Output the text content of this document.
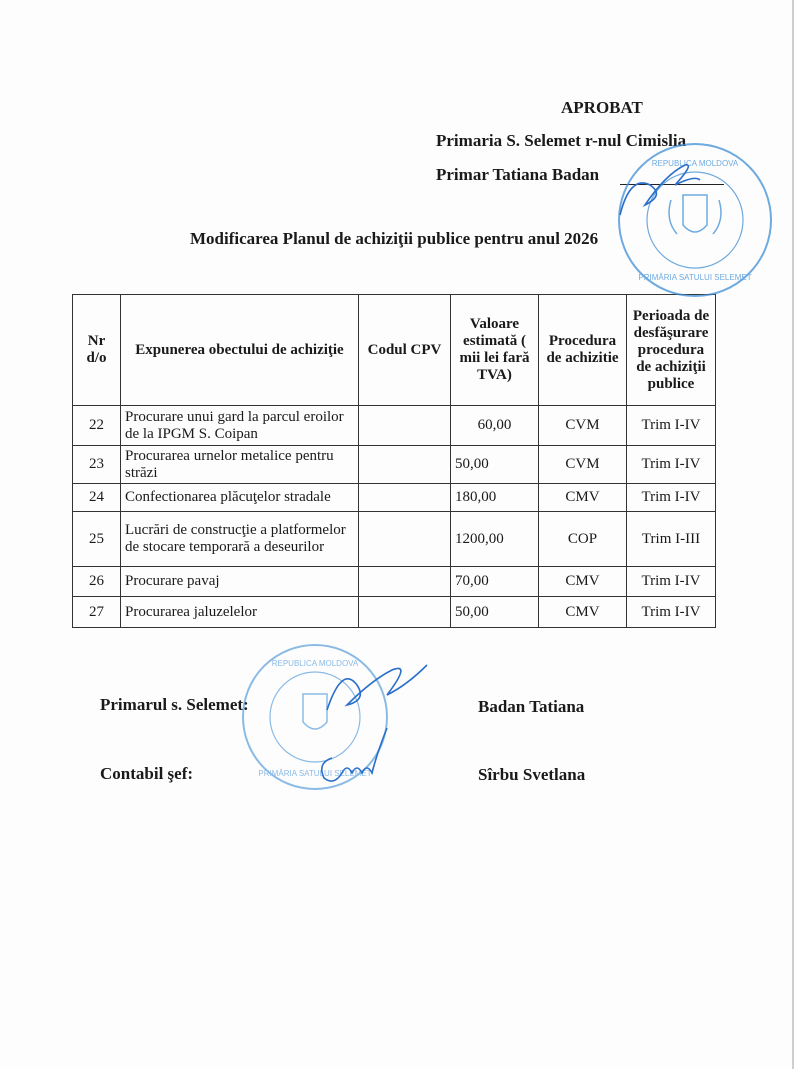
APROBAT
Primaria S. Selemet r-nul Cimislia
Primar Tatiana Badan
Modificarea Planul de achiziţii publice pentru anul 2026
Nr d/o	Expunerea obectului de achiziţie	Codul CPV	Valoare estimată ( mii lei fară TVA)	Procedura de achizitie	Perioada de desfăşurare procedura de achiziţii publice
22	Procurare unui gard la parcul eroilor de la IPGM S. Coipan		60,00	CVM	Trim I-IV
23	Procurarea urnelor metalice pentru străzi		50,00	CVM	Trim I-IV
24	Confectionarea plăcuţelor stradale		180,00	CMV	Trim I-IV
25	Lucrări de construcţie a platformelor de stocare temporară a deseurilor		1200,00	COP	Trim I-III
26	Procurare pavaj		70,00	CMV	Trim I-IV
27	Procurarea jaluzelelor		50,00	CMV	Trim I-IV
Primarul s. Selemet:	Badan Tatiana
Contabil şef:	Sîrbu Svetlana
REPUBLICA MOLDOVA
PRIMĂRIA SATULUI SELEMET
REPUBLICA MOLDOVA
PRIMĂRIA SATULUI SELEMET
